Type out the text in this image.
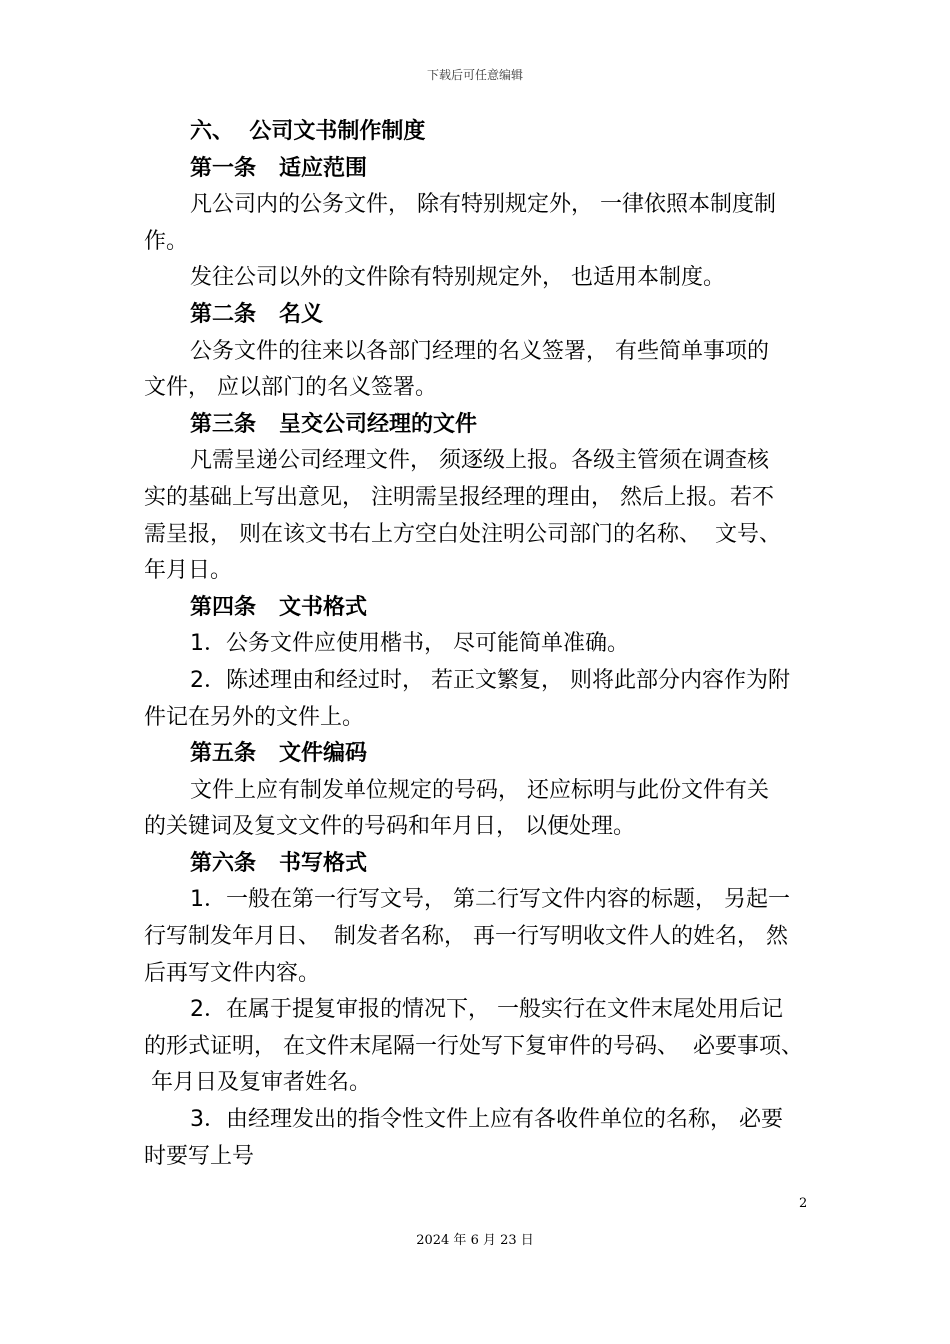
下载后可任意编辑
六、  公司文书制作制度
第一条   适应范围
凡公司内的公务文件， 除有特别规定外， 一律依照本制度制
作。
发往公司以外的文件除有特别规定外， 也适用本制度。
第二条   名义
公务文件的往来以各部门经理的名义签署， 有些简单事项的
文件， 应以部门的名义签署。
第三条   呈交公司经理的文件
凡需呈递公司经理文件， 须逐级上报。各级主管须在调查核
实的基础上写出意见， 注明需呈报经理的理由， 然后上报。若不
需呈报， 则在该文书右上方空白处注明公司部门的名称、  文号、
年月日。
第四条   文书格式
1．公务文件应使用楷书， 尽可能简单准确。
2．陈述理由和经过时， 若正文繁复， 则将此部分内容作为附
件记在另外的文件上。
第五条   文件编码
文件上应有制发单位规定的号码， 还应标明与此份文件有关
的关键词及复文文件的号码和年月日， 以便处理。
第六条   书写格式
1．一般在第一行写文号， 第二行写文件内容的标题， 另起一
行写制发年月日、  制发者名称， 再一行写明收文件人的姓名， 然
后再写文件内容。
2．在属于提复审报的情况下， 一般实行在文件末尾处用后记
的形式证明， 在文件末尾隔一行处写下复审件的号码、  必要事项、
年月日及复审者姓名。
3．由经理发出的指令性文件上应有各收件单位的名称， 必要
时要写上号
2
2024 年 6 月 23 日
